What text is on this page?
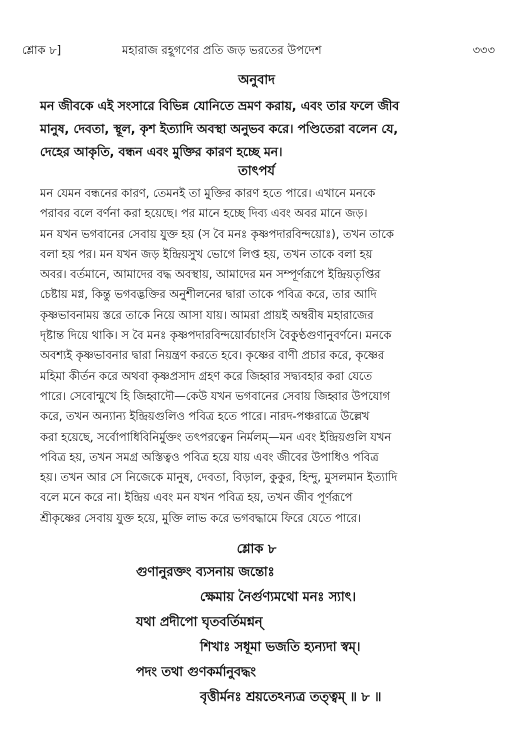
শ্লোক ৮]	মহারাজ রহূগণের প্রতি জড় ভরতের উপদেশ	৩৩৩
অনুবাদ
মন জীবকে এই সংসারে বিভিন্ন যোনিতে ভ্রমণ করায়, এবং তার ফলে জীব
মানুষ, দেবতা, স্থূল, কৃশ ইত্যাদি অবস্থা অনুভব করে। পণ্ডিতেরা বলেন যে,
দেহের আকৃতি, বন্ধন এবং মুক্তির কারণ হচ্ছে মন।
তাৎপর্য
মন যেমন বন্ধনের কারণ, তেমনই তা মুক্তির কারণ হতে পারে। এখানে মনকে
পরাবর বলে বর্ণনা করা হয়েছে। পর মানে হচ্ছে দিব্য এবং অবর মানে জড়।
মন যখন ভগবানের সেবায় যুক্ত হয় (স বৈ মনঃ কৃষ্ণপদারবিন্দয়োঃ), তখন তাকে
বলা হয় পর। মন যখন জড় ইন্দ্রিয়সুখ ভোগে লিপ্ত হয়, তখন তাকে বলা হয়
অবর। বর্তমানে, আমাদের বদ্ধ অবস্থায়, আমাদের মন সম্পূর্ণরূপে ইন্দ্রিয়তৃপ্তির
চেষ্টায় মগ্ন, কিন্তু ভগবদ্ভক্তির অনুশীলনের দ্বারা তাকে পবিত্র করে, তার আদি
কৃষ্ণভাবনাময় স্তরে তাকে নিয়ে আসা যায়। আমরা প্রায়ই অম্বরীষ মহারাজের
দৃষ্টান্ত দিয়ে থাকি। স বৈ মনঃ কৃষ্ণপদারবিন্দয়োর্বচাংসি বৈকুণ্ঠগুণানুবর্ণনে। মনকে
অবশ্যই কৃষ্ণভাবনার দ্বারা নিয়ন্ত্রণ করতে হবে। কৃষ্ণের বাণী প্রচার করে, কৃষ্ণের
মহিমা কীর্তন করে অথবা কৃষ্ণপ্রসাদ গ্রহণ করে জিহ্বার সদ্ব্যবহার করা যেতে
পারে। সেবোন্মুখে হি জিহ্বাদৌ—কেউ যখন ভগবানের সেবায় জিহ্বার উপযোগ
করে, তখন অন্যান্য ইন্দ্রিয়গুলিও পবিত্র হতে পারে। নারদ-পঞ্চরাত্রে উল্লেখ
করা হয়েছে, সর্বোপাধিবিনির্মুক্তং তৎপরত্বেন নির্মলম্—মন এবং ইন্দ্রিয়গুলি যখন
পবিত্র হয়, তখন সমগ্র অস্তিত্বও পবিত্র হয়ে যায় এবং জীবের উপাধিও পবিত্র
হয়। তখন আর সে নিজেকে মানুষ, দেবতা, বিড়াল, কুকুর, হিন্দু, মুসলমান ইত্যাদি
বলে মনে করে না। ইন্দ্রিয় এবং মন যখন পবিত্র হয়, তখন জীব পূর্ণরূপে
শ্রীকৃষ্ণের সেবায় যুক্ত হয়ে, মুক্তি লাভ করে ভগবদ্ধামে ফিরে যেতে পারে।
শ্লোক ৮
গুণানুরক্তং ব্যসনায় জন্তোঃ
ক্ষেমায় নৈর্গুণ্যমথো মনঃ স্যাৎ।
যথা প্রদীপো ঘৃতবর্তিমশ্নন্
শিখাঃ সধূমা ভজতি হ্যন্যদা স্বম্।
পদং তথা গুণকর্মানুবদ্ধং
বৃত্তীর্মনঃ শ্রয়তেঽন্যত্র তত্ত্বম্ ॥ ৮ ॥
